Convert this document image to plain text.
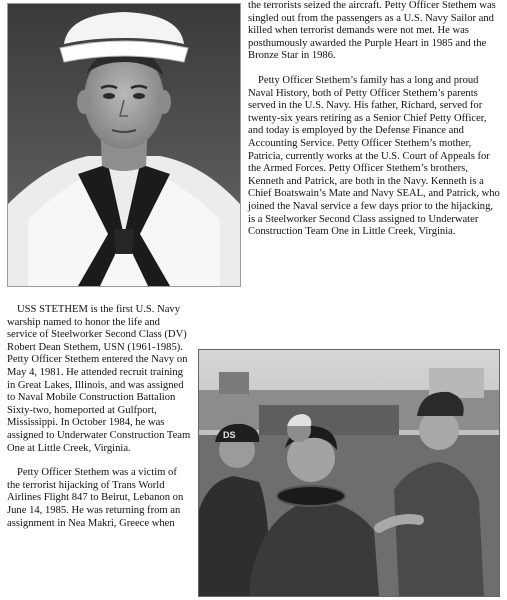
the terrorists seized the aircraft. Petty Officer Stethem was singled out from the passengers as a U.S. Navy Sailor and killed when terrorist demands were not met. He was posthumously awarded the Purple Heart in 1985 and the Bronze Star in 1986.

Petty Officer Stethem’s family has a long and proud Naval History, both of Petty Officer Stethem’s parents served in the U.S. Navy. His father, Richard, served for twenty-six years retiring as a Senior Chief Petty Officer, and today is employed by the Defense Finance and Accounting Service. Petty Officer Stethem’s mother, Patricia, currently works at the U.S. Court of Appeals for the Armed Forces. Petty Officer Stethem’s brothers, Kenneth and Patrick, are both in the Navy. Kenneth is a Chief Boatswain’s Mate and Navy SEAL, and Patrick, who joined the Naval service a few days prior to the hijacking, is a Steelworker Second Class assigned to Underwater Construction Team One in Little Creek, Virginia.

USS STETHEM is the first U.S. Navy warship named to honor the life and service of Steelworker Second Class (DV) Robert Dean Stethem, USN (1961-1985). Petty Officer Stethem entered the Navy on May 4, 1981. He attended recruit training in Great Lakes, Illinois, and was assigned to Naval Mobile Construction Battalion Sixty-two, homeported at Gulfport, Mississippi. In October 1984, he was assigned to Underwater Construction Team One at Little Creek, Virginia.

Petty Officer Stethem was a victim of the terrorist hijacking of Trans World Airlines Flight 847 to Beirut, Lebanon on June 14, 1985. He was returning from an assignment in Nea Makri, Greece when

DS
